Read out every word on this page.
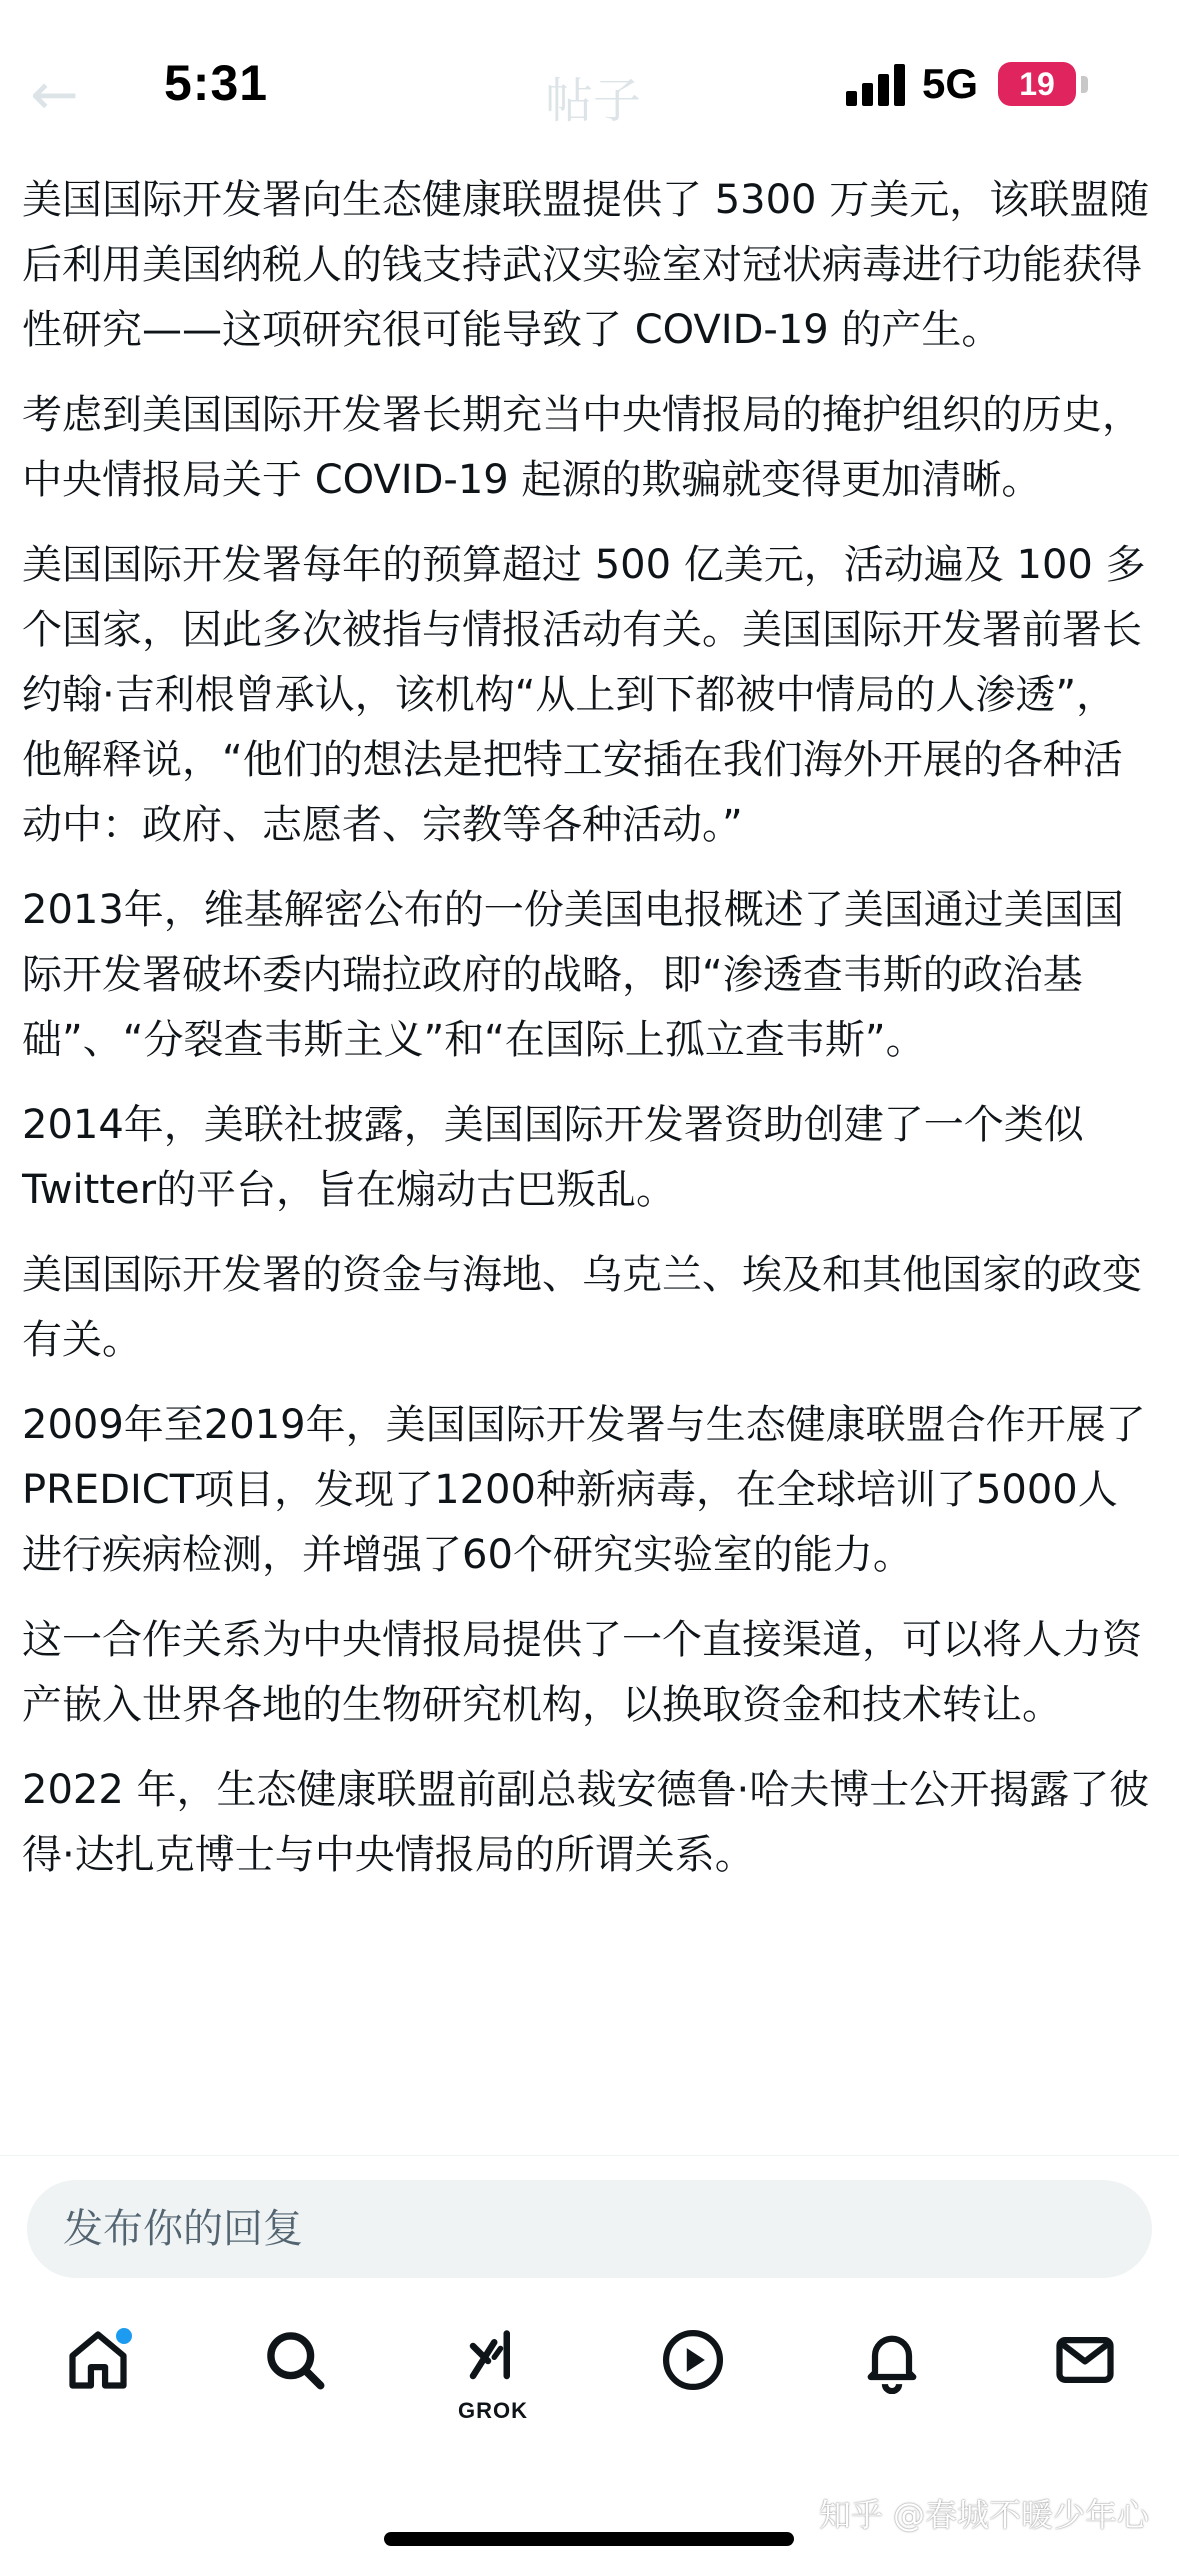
←	帖子
5:31	5G	19

美国国际开发署向生态健康联盟提供了 5300 万美元，该联盟随后利用美国纳税人的钱支持武汉实验室对冠状病毒进行功能获得性研究——这项研究很可能导致了 COVID-19 的产生。

考虑到美国国际开发署长期充当中央情报局的掩护组织的历史，中央情报局关于 COVID-19 起源的欺骗就变得更加清晰。

美国国际开发署每年的预算超过 500 亿美元，活动遍及 100 多个国家，因此多次被指与情报活动有关。美国国际开发署前署长约翰·吉利根曾承认，该机构“从上到下都被中情局的人渗透”，他解释说，“他们的想法是把特工安插在我们海外开展的各种活动中：政府、志愿者、宗教等各种活动。”

2013年，维基解密公布的一份美国电报概述了美国通过美国国际开发署破坏委内瑞拉政府的战略，即“渗透查韦斯的政治基础”、“分裂查韦斯主义”和“在国际上孤立查韦斯”。

2014年，美联社披露，美国国际开发署资助创建了一个类似Twitter的平台，旨在煽动古巴叛乱。

美国国际开发署的资金与海地、乌克兰、埃及和其他国家的政变有关。

2009年至2019年，美国国际开发署与生态健康联盟合作开展了PREDICT项目，发现了1200种新病毒，在全球培训了5000人进行疾病检测，并增强了60个研究实验室的能力。

这一合作关系为中央情报局提供了一个直接渠道，可以将人力资产嵌入世界各地的生物研究机构，以换取资金和技术转让。

2022 年，生态健康联盟前副总裁安德鲁·哈夫博士公开揭露了彼得·达扎克博士与中央情报局的所谓关系。

发布你的回复
GROK
知乎 @春城不暖少年心
